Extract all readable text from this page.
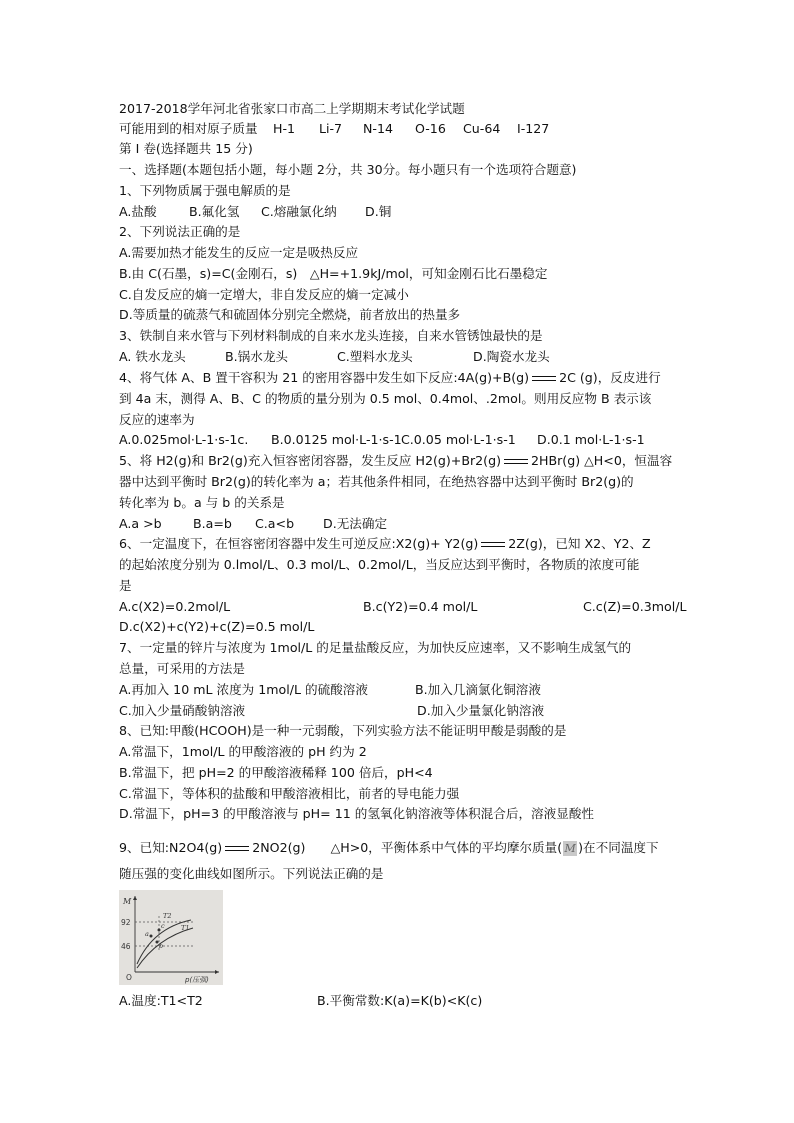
2017-2018学年河北省张家口市高二上学期期末考试化学试题
可能用到的相对原子质量 H-1 Li-7 N-14 O-16 Cu-64 I-127
第 I 卷(选择题共 15 分)
一、选择题(本题包括小题，每小题 2分，共 30分。每小题只有一个选项符合题意)
1、下列物质属于强电解质的是
A.盐酸	B.氟化氢 C.熔融氯化纳 D.铜
2、下列说法正确的是
A.需要加热才能发生的反应一定是吸热反应
B.由 C(石墨，s)=C(金刚石，s)　△H=+1.9kJ/mol，可知金刚石比石墨稳定
C.自发反应的熵一定增大，非自发反应的熵一定减小
D.等质量的硫蒸气和硫固体分别完全燃烧，前者放出的热量多
3、铁制自来水管与下列材料制成的自来水龙头连接，自来水管锈蚀最快的是
A. 铁水龙头	B.锅水龙头	C.塑料水龙头	D.陶瓷水龙头
4、将气体 A、B 置干容积为 21 的密用容器中发生如下反应:4A(g)+B(g) 2C (g)，反皮进行
到 4a 末，测得 A、B、C 的物质的量分别为 0.5 mol、0.4mol、.2mol。则用反应物 B 表示该
反应的速率为
A.0.025mol·L-1·s-1c. B.0.0125 mol·L-1·s-1 C.0.05 mol·L-1·s-1 D.0.1 mol·L-1·s-1
5、将 H2(g)和 Br2(g)充入恒容密闭容器，发生反应 H2(g)+Br2(g) 2HBr(g) △H<0，恒温容
器中达到平衡时 Br2(g)的转化率为 a；若其他条件相同，在绝热容器中达到平衡时 Br2(g)的
转化率为 b。a 与 b 的关系是
A.a >b B.a=b C.a<b D.无法确定
6、一定温度下，在恒容密闭容器中发生可逆反应:X2(g)+ Y2(g) 2Z(g)，已知 X2、Y2、Z
的起始浓度分别为 0.lmol/L、0.3 mol/L、0.2mol/L，当反应达到平衡时，各物质的浓度可能
是
A.c(X2)=0.2mol/L	B.c(Y2)=0.4 mol/L	C.c(Z)=0.3mol/L
D.c(X2)+c(Y2)+c(Z)=0.5 mol/L
7、一定量的锌片与浓度为 1mol/L 的足量盐酸反应，为加快反应速率，又不影响生成氢气的
总量，可采用的方法是
A.再加入 10 mL 浓度为 1mol/L 的硫酸溶液	B.加入几滴氯化铜溶液
C.加入少量硝酸钠溶液	D.加入少量氯化钠溶液
8、已知:甲酸(HCOOH)是一种一元弱酸，下列实验方法不能证明甲酸是弱酸的是
A.常温下，1mol/L 的甲酸溶液的 pH 约为 2
B.常温下，把 pH=2 的甲酸溶液稀释 100 倍后，pH<4
C.常温下，等体积的盐酸和甲酸溶液相比，前者的导电能力强
D.常温下，pH=3 的甲酸溶液与 pH= 11 的氢氧化钠溶液等体积混合后，溶液显酸性
9、已知:N2O4(g) 2NO2(g)　　△H>0，平衡体系中气体的平均摩尔质量( M )在不同温度下
随压强的变化曲线如图所示。下列说法正确的是
M
92
46
O	p(压强)
T2
T1
a
b
c
A.温度:T1<T2	B.平衡常数:K(a)=K(b)<K(c)
